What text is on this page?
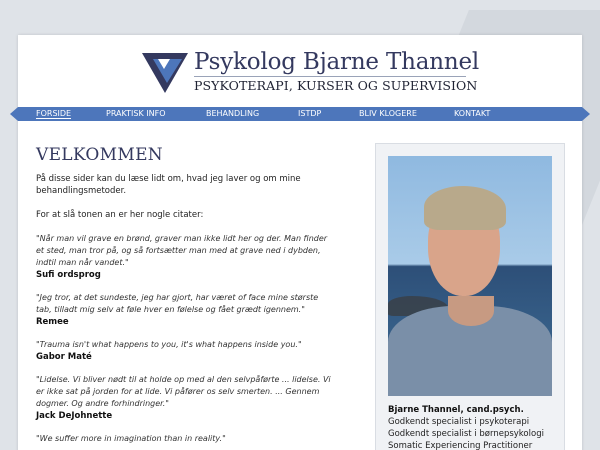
Psykolog Bjarne Thannel
PSYKOTERAPI, KURSER OG SUPERVISION
FORSIDE	PRAKTISK INFO	BEHANDLING	ISTDP	BLIV KLOGERE	KONTAKT
VELKOMMEN

På disse sider kan du læse lidt om, hvad jeg laver og om mine behandlingsmetoder.

For at slå tonen an er her nogle citater:

"Når man vil grave en brønd, graver man ikke lidt her og der. Man finder et sted, man tror på, og så fortsætter man med at grave ned i dybden, indtil man når vandet."

Sufi ordsprog

"Jeg tror, at det sundeste, jeg har gjort, har været of face mine største tab, tilladt mig selv at føle hver en følelse og fået grædt igennem."

Remee

"Trauma isn't what happens to you, it's what happens inside you."

Gabor Maté

"Lidelse. Vi bliver nødt til at holde op med al den selvpåførte ... lidelse. Vi er ikke sat på jorden for at lide. Vi påfører os selv smerten. ... Gennem dogmer. Og andre forhindringer."

Jack DeJohnette

"We suffer more in imagination than in reality."

Bjarne Thannel, cand.psych.
Godkendt specialist i psykoterapi
Godkendt specialist i børnepsykologi
Somatic Experiencing Practitioner
